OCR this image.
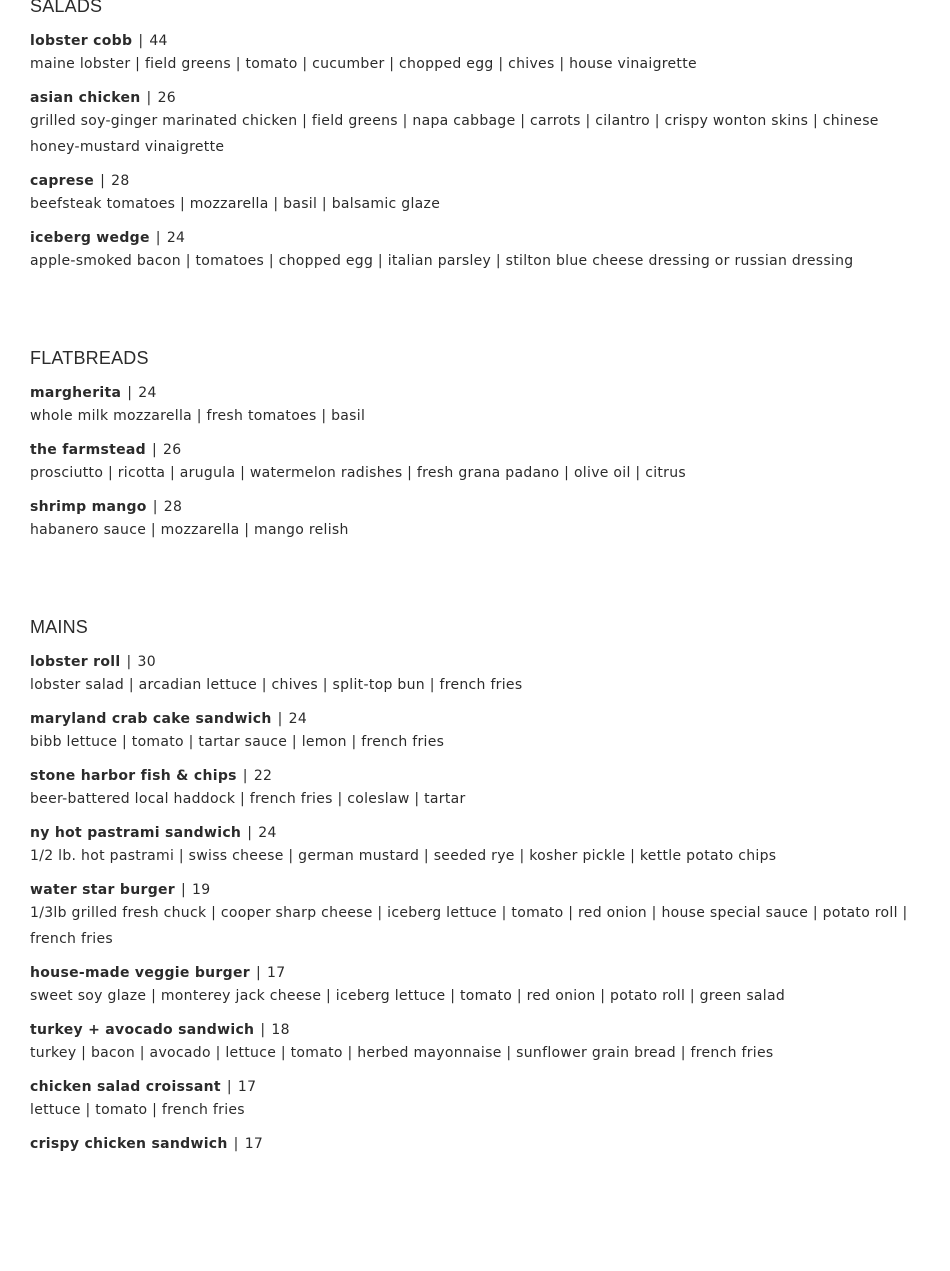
SALADS
lobster cobb | 44
maine lobster | field greens | tomato | cucumber | chopped egg | chives | house vinaigrette
asian chicken | 26
grilled soy-ginger marinated chicken | field greens | napa cabbage | carrots | cilantro | crispy wonton skins | chinese honey-mustard vinaigrette
caprese | 28
beefsteak tomatoes | mozzarella | basil | balsamic glaze
iceberg wedge | 24
apple-smoked bacon | tomatoes | chopped egg | italian parsley | stilton blue cheese dressing or russian dressing
FLATBREADS
margherita | 24
whole milk mozzarella | fresh tomatoes | basil
the farmstead | 26
prosciutto | ricotta | arugula | watermelon radishes | fresh grana padano | olive oil | citrus
shrimp mango | 28
habanero sauce | mozzarella | mango relish
MAINS
lobster roll | 30
lobster salad | arcadian lettuce | chives | split-top bun | french fries
maryland crab cake sandwich | 24
bibb lettuce | tomato | tartar sauce | lemon | french fries
stone harbor fish & chips | 22
beer-battered local haddock | french fries | coleslaw | tartar
ny hot pastrami sandwich | 24
1/2 lb. hot pastrami | swiss cheese | german mustard | seeded rye | kosher pickle | kettle potato chips
water star burger | 19
1/3lb grilled fresh chuck | cooper sharp cheese | iceberg lettuce | tomato | red onion | house special sauce | potato roll | french fries
house-made veggie burger | 17
sweet soy glaze | monterey jack cheese | iceberg lettuce | tomato | red onion | potato roll | green salad
turkey + avocado sandwich | 18
turkey | bacon | avocado | lettuce | tomato | herbed mayonnaise | sunflower grain bread | french fries
chicken salad croissant | 17
lettuce | tomato | french fries
crispy chicken sandwich | 17
